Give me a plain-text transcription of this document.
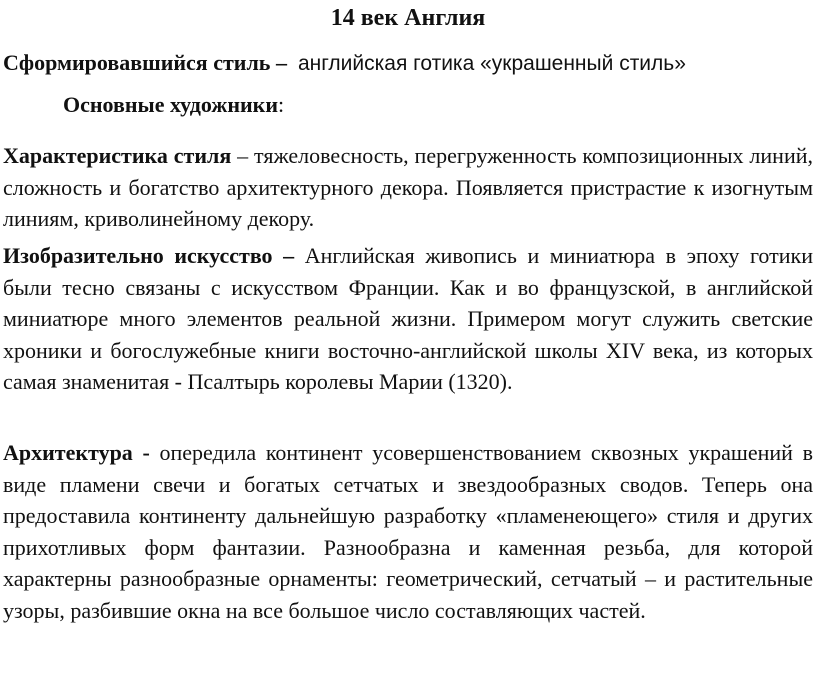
14 век Англия
Сформировавшийся стиль – английская готика «украшенный стиль»
Основные художники:

Характеристика стиля – тяжеловесность, перегруженность композиционных линий, сложность и богатство архитектурного декора. Появляется пристрастие к изогнутым линиям, криволинейному декору.

Изобразительно искусство – Английская живопись и миниатюра в эпоху готики были тесно связаны с искусством Франции. Как и во французской, в английской миниатюре много элементов реальной жизни. Примером могут служить светские хроники и богослужебные книги восточно-английской школы XIV века, из которых самая знаменитая - Псалтырь королевы Марии (1320).

Архитектура - опередила континент усовершенствованием сквозных украшений в виде пламени свечи и богатых сетчатых и звездообразных сводов. Теперь она предоставила континенту дальнейшую разработку «пламенеющего» стиля и других прихотливых форм фантазии. Разнообразна и каменная резьба, для которой характерны разнообразные орнаменты: геометрический, сетчатый – и растительные узоры, разбившие окна на все большое число составляющих частей.
